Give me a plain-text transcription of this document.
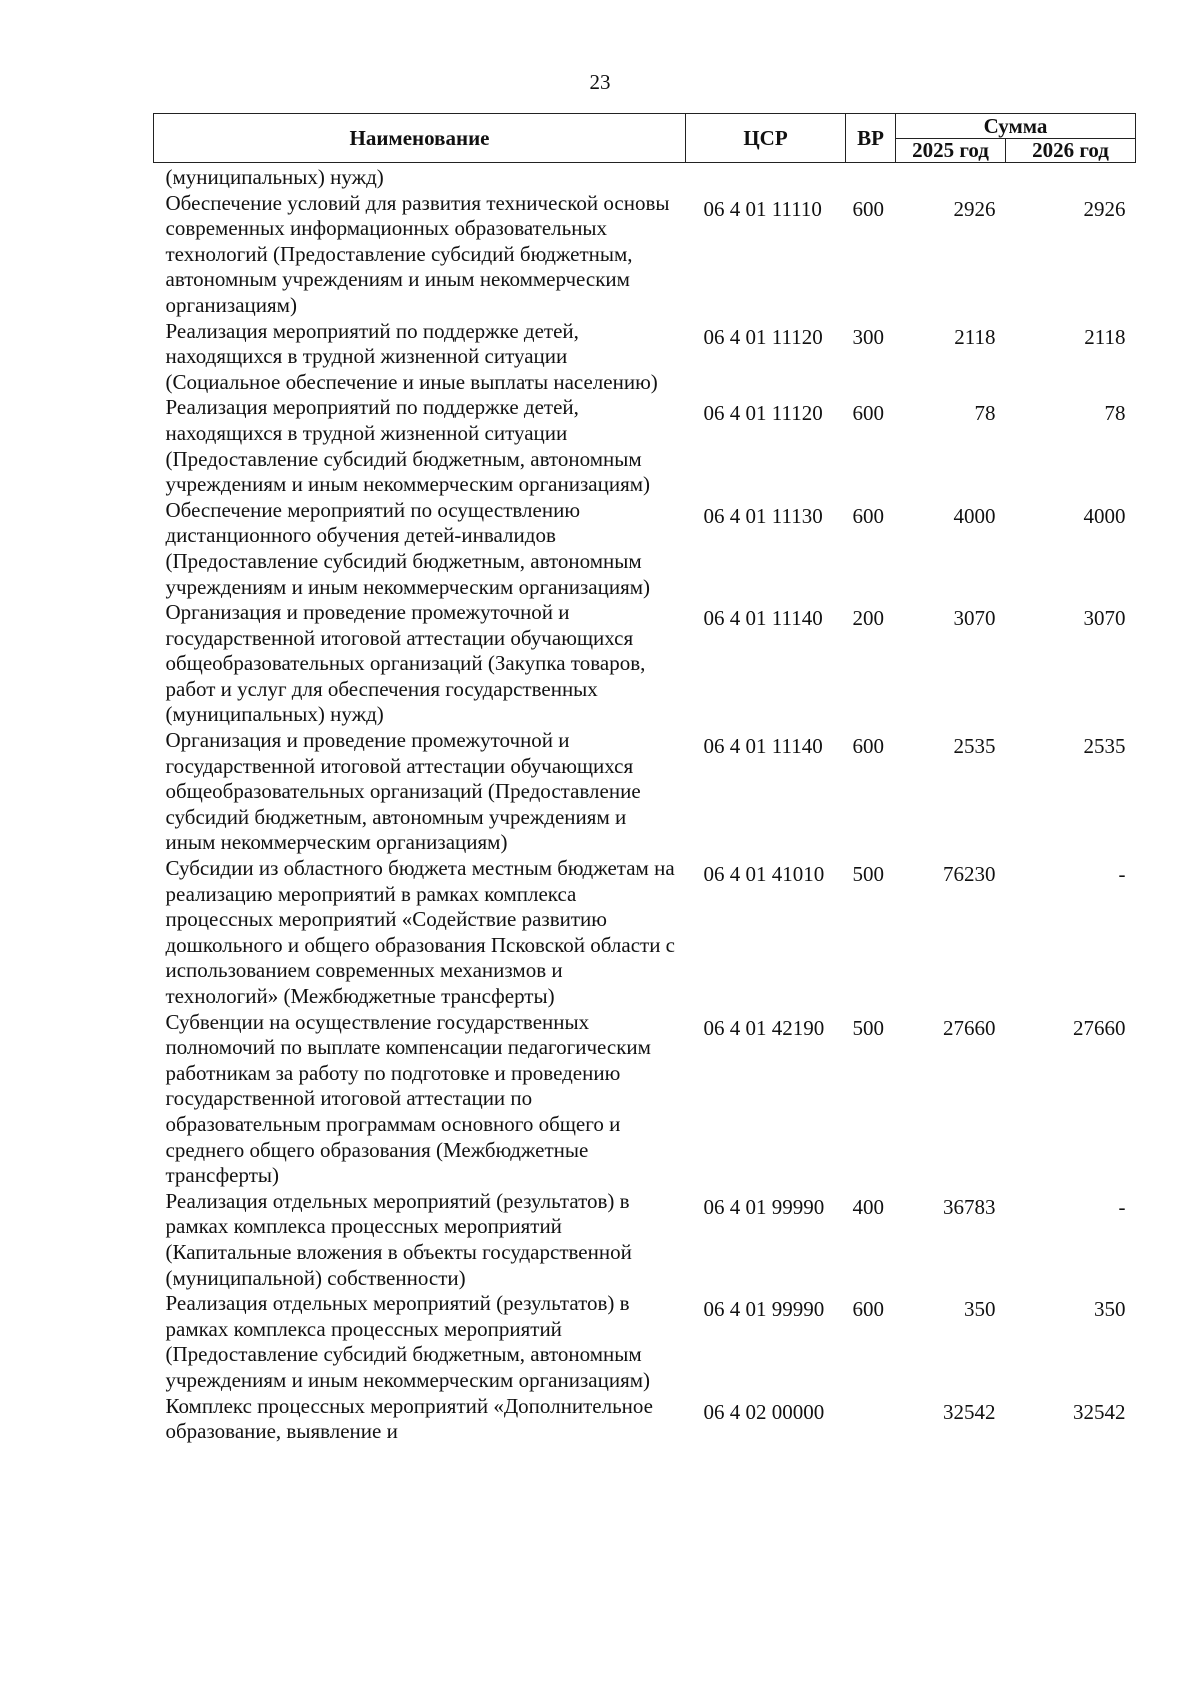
23
Наименование	ЦСР	ВР	Сумма	
			2025 год	2026 год
(муниципальных) нужд)				
Обеспечение условий для развития технической основы современных информационных образовательных технологий (Предоставление субсидий бюджетным, автономным учреждениям и иным некоммерческим организациям)	06 4 01 11110	600	2926	2926
Реализация мероприятий по поддержке детей, находящихся в трудной жизненной ситуации (Социальное обеспечение и иные выплаты населению)	06 4 01 11120	300	2118	2118
Реализация мероприятий по поддержке детей, находящихся в трудной жизненной ситуации (Предоставление субсидий бюджетным, автономным учреждениям и иным некоммерческим организациям)	06 4 01 11120	600	78	78
Обеспечение мероприятий по осуществлению дистанционного обучения детей-инвалидов (Предоставление субсидий бюджетным, автономным учреждениям и иным некоммерческим организациям)	06 4 01 11130	600	4000	4000
Организация и проведение промежуточной и государственной итоговой аттестации обучающихся общеобразовательных организаций (Закупка товаров, работ и услуг для обеспечения государственных (муниципальных) нужд)	06 4 01 11140	200	3070	3070
Организация и проведение промежуточной и государственной итоговой аттестации обучающихся общеобразовательных организаций (Предоставление субсидий бюджетным, автономным учреждениям и иным некоммерческим организациям)	06 4 01 11140	600	2535	2535
Субсидии из областного бюджета местным бюджетам на реализацию мероприятий в рамках комплекса процессных мероприятий «Содействие развитию дошкольного и общего образования Псковской области с использованием современных механизмов и технологий» (Межбюджетные трансферты)	06 4 01 41010	500	76230	-
Субвенции на осуществление государственных полномочий по выплате компенсации педагогическим работникам за работу по подготовке и проведению государственной итоговой аттестации по образовательным программам основного общего и среднего общего образования (Межбюджетные трансферты)	06 4 01 42190	500	27660	27660
Реализация отдельных мероприятий (результатов) в рамках комплекса процессных мероприятий (Капитальные вложения в объекты государственной (муниципальной) собственности)	06 4 01 99990	400	36783	-
Реализация отдельных мероприятий (результатов) в рамках комплекса процессных мероприятий (Предоставление субсидий бюджетным, автономным учреждениям и иным некоммерческим организациям)	06 4 01 99990	600	350	350
Комплекс процессных мероприятий «Дополнительное образование, выявление и	06 4 02 00000		32542	32542
